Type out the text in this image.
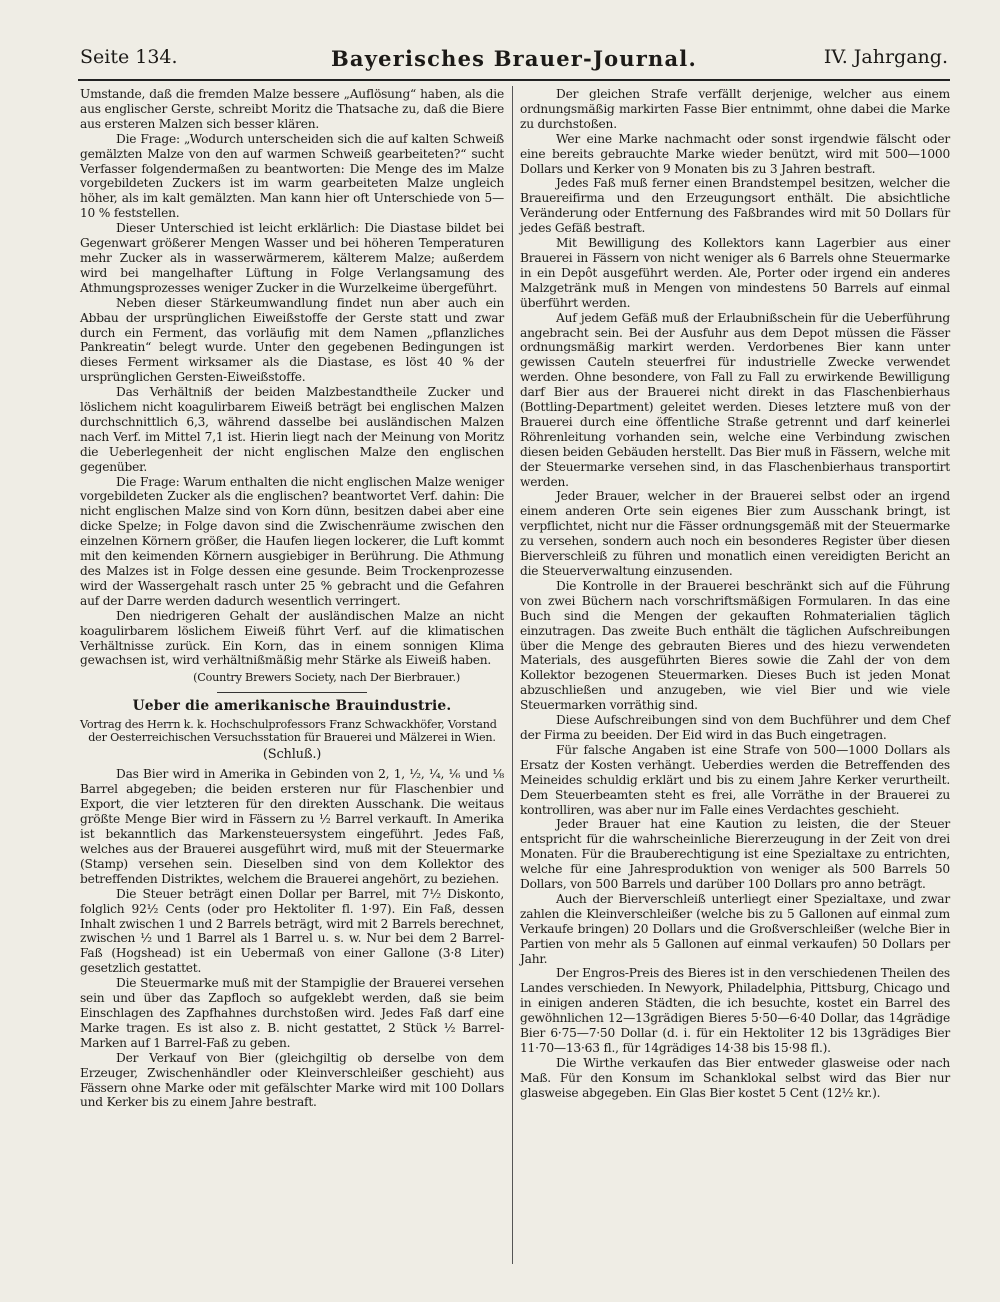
Seite 134.	Bayerisches Brauer-Journal.	IV. Jahrgang.

Umstande, daß die fremden Malze bessere „Auflösung“ haben, als die aus englischer Gerste, schreibt Moritz die Thatsache zu, daß die Biere aus ersteren Malzen sich besser klären.

Die Frage: „Wodurch unterscheiden sich die auf kalten Schweiß gemälzten Malze von den auf warmen Schweiß gearbeiteten?“ sucht Verfasser folgendermaßen zu beantworten: Die Menge des im Malze vorgebildeten Zuckers ist im warm gearbeiteten Malze ungleich höher, als im kalt gemälzten. Man kann hier oft Unterschiede von 5—10 % feststellen.

Dieser Unterschied ist leicht erklärlich: Die Diastase bildet bei Gegenwart größerer Mengen Wasser und bei höheren Temperaturen mehr Zucker als in wasserwärmerem, kälterem Malze; außerdem wird bei mangelhafter Lüftung in Folge Verlangsamung des Athmungsprozesses weniger Zucker in die Wurzelkeime übergeführt.

Neben dieser Stärkeumwandlung findet nun aber auch ein Abbau der ursprünglichen Eiweißstoffe der Gerste statt und zwar durch ein Ferment, das vorläufig mit dem Namen „pflanzliches Pankreatin“ belegt wurde. Unter den gegebenen Bedingungen ist dieses Ferment wirksamer als die Diastase, es löst 40 % der ursprünglichen Gersten-Eiweißstoffe.

Das Verhältniß der beiden Malzbestandtheile Zucker und löslichem nicht koagulirbarem Eiweiß beträgt bei englischen Malzen durchschnittlich 6,3, während dasselbe bei ausländischen Malzen nach Verf. im Mittel 7,1 ist. Hierin liegt nach der Meinung von Moritz die Ueberlegenheit der nicht englischen Malze den englischen gegenüber.

Die Frage: Warum enthalten die nicht englischen Malze weniger vorgebildeten Zucker als die englischen? beantwortet Verf. dahin: Die nicht englischen Malze sind von Korn dünn, besitzen dabei aber eine dicke Spelze; in Folge davon sind die Zwischenräume zwischen den einzelnen Körnern größer, die Haufen liegen lockerer, die Luft kommt mit den keimenden Körnern ausgiebiger in Berührung. Die Athmung des Malzes ist in Folge dessen eine gesunde. Beim Trockenprozesse wird der Wassergehalt rasch unter 25 % gebracht und die Gefahren auf der Darre werden dadurch wesentlich verringert.

Den niedrigeren Gehalt der ausländischen Malze an nicht koagulirbarem löslichem Eiweiß führt Verf. auf die klimatischen Verhältnisse zurück. Ein Korn, das in einem sonnigen Klima gewachsen ist, wird verhältnißmäßig mehr Stärke als Eiweiß haben.

(Country Brewers Society, nach Der Bierbrauer.)

Ueber die amerikanische Brauindustrie.

Vortrag des Herrn k. k. Hochschulprofessors Franz Schwackhöfer, Vorstand

der Oesterreichischen Versuchsstation für Brauerei und Mälzerei in Wien.

(Schluß.)

Das Bier wird in Amerika in Gebinden von 2, 1, ½, ¼, ⅙ und ⅛ Barrel abgegeben; die beiden ersteren nur für Flaschenbier und Export, die vier letzteren für den direkten Ausschank. Die weitaus größte Menge Bier wird in Fässern zu ½ Barrel verkauft. In Amerika ist bekanntlich das Markensteuersystem eingeführt. Jedes Faß, welches aus der Brauerei ausgeführt wird, muß mit der Steuermarke (Stamp) versehen sein. Dieselben sind von dem Kollektor des betreffenden Distriktes, welchem die Brauerei angehört, zu beziehen.

Die Steuer beträgt einen Dollar per Barrel, mit 7½ Diskonto, folglich 92½ Cents (oder pro Hektoliter fl. 1·97). Ein Faß, dessen Inhalt zwischen 1 und 2 Barrels beträgt, wird mit 2 Barrels berechnet, zwischen ½ und 1 Barrel als 1 Barrel u. s. w. Nur bei dem 2 Barrel-Faß (Hogshead) ist ein Uebermaß von einer Gallone (3·8 Liter) gesetzlich gestattet.

Die Steuermarke muß mit der Stampiglie der Brauerei versehen sein und über das Zapfloch so aufgeklebt werden, daß sie beim Einschlagen des Zapfhahnes durchstoßen wird. Jedes Faß darf eine Marke tragen. Es ist also z. B. nicht gestattet, 2 Stück ½ Barrel-Marken auf 1 Barrel-Faß zu geben.

Der Verkauf von Bier (gleichgiltig ob derselbe von dem Erzeuger, Zwischenhändler oder Kleinverschleißer geschieht) aus Fässern ohne Marke oder mit gefälschter Marke wird mit 100 Dollars und Kerker bis zu einem Jahre bestraft.

Der gleichen Strafe verfällt derjenige, welcher aus einem ordnungsmäßig markirten Fasse Bier entnimmt, ohne dabei die Marke zu durchstoßen.

Wer eine Marke nachmacht oder sonst irgendwie fälscht oder eine bereits gebrauchte Marke wieder benützt, wird mit 500—1000 Dollars und Kerker von 9 Monaten bis zu 3 Jahren bestraft.

Jedes Faß muß ferner einen Brandstempel besitzen, welcher die Brauereifirma und den Erzeugungsort enthält. Die absichtliche Veränderung oder Entfernung des Faßbrandes wird mit 50 Dollars für jedes Gefäß bestraft.

Mit Bewilligung des Kollektors kann Lagerbier aus einer Brauerei in Fässern von nicht weniger als 6 Barrels ohne Steuermarke in ein Depôt ausgeführt werden. Ale, Porter oder irgend ein anderes Malzgetränk muß in Mengen von mindestens 50 Barrels auf einmal überführt werden.

Auf jedem Gefäß muß der Erlaubnißschein für die Ueberführung angebracht sein. Bei der Ausfuhr aus dem Depot müssen die Fässer ordnungsmäßig markirt werden. Verdorbenes Bier kann unter gewissen Cauteln steuerfrei für industrielle Zwecke verwendet werden. Ohne besondere, von Fall zu Fall zu erwirkende Bewilligung darf Bier aus der Brauerei nicht direkt in das Flaschenbierhaus (Bottling-Department) geleitet werden. Dieses letztere muß von der Brauerei durch eine öffentliche Straße getrennt und darf keinerlei Röhrenleitung vorhanden sein, welche eine Verbindung zwischen diesen beiden Gebäuden herstellt. Das Bier muß in Fässern, welche mit der Steuermarke versehen sind, in das Flaschenbierhaus transportirt werden.

Jeder Brauer, welcher in der Brauerei selbst oder an irgend einem anderen Orte sein eigenes Bier zum Ausschank bringt, ist verpflichtet, nicht nur die Fässer ordnungsgemäß mit der Steuermarke zu versehen, sondern auch noch ein besonderes Register über diesen Bierverschleiß zu führen und monatlich einen vereidigten Bericht an die Steuerverwaltung einzusenden.

Die Kontrolle in der Brauerei beschränkt sich auf die Führung von zwei Büchern nach vorschriftsmäßigen Formularen. In das eine Buch sind die Mengen der gekauften Rohmaterialien täglich einzutragen. Das zweite Buch enthält die täglichen Aufschreibungen über die Menge des gebrauten Bieres und des hiezu verwendeten Materials, des ausgeführten Bieres sowie die Zahl der von dem Kollektor bezogenen Steuermarken. Dieses Buch ist jeden Monat abzuschließen und anzugeben, wie viel Bier und wie viele Steuermarken vorräthig sind.

Diese Aufschreibungen sind von dem Buchführer und dem Chef der Firma zu beeiden. Der Eid wird in das Buch eingetragen.

Für falsche Angaben ist eine Strafe von 500—1000 Dollars als Ersatz der Kosten verhängt. Ueberdies werden die Betreffenden des Meineides schuldig erklärt und bis zu einem Jahre Kerker verurtheilt. Dem Steuerbeamten steht es frei, alle Vorräthe in der Brauerei zu kontrolliren, was aber nur im Falle eines Verdachtes geschieht.

Jeder Brauer hat eine Kaution zu leisten, die der Steuer entspricht für die wahrscheinliche Biererzeugung in der Zeit von drei Monaten. Für die Brauberechtigung ist eine Spezialtaxe zu entrichten, welche für eine Jahresproduktion von weniger als 500 Barrels 50 Dollars, von 500 Barrels und darüber 100 Dollars pro anno beträgt.

Auch der Bierverschleiß unterliegt einer Spezialtaxe, und zwar zahlen die Kleinverschleißer (welche bis zu 5 Gallonen auf einmal zum Verkaufe bringen) 20 Dollars und die Großverschleißer (welche Bier in Partien von mehr als 5 Gallonen auf einmal verkaufen) 50 Dollars per Jahr.

Der Engros-Preis des Bieres ist in den verschiedenen Theilen des Landes verschieden. In Newyork, Philadelphia, Pittsburg, Chicago und in einigen anderen Städten, die ich besuchte, kostet ein Barrel des gewöhnlichen 12—13grädigen Bieres 5·50—6·40 Dollar, das 14grädige Bier 6·75—7·50 Dollar (d. i. für ein Hektoliter 12 bis 13grädiges Bier 11·70—13·63 fl., für 14grädiges 14·38 bis 15·98 fl.).

Die Wirthe verkaufen das Bier entweder glasweise oder nach Maß. Für den Konsum im Schanklokal selbst wird das Bier nur glasweise abgegeben. Ein Glas Bier kostet 5 Cent (12½ kr.).
